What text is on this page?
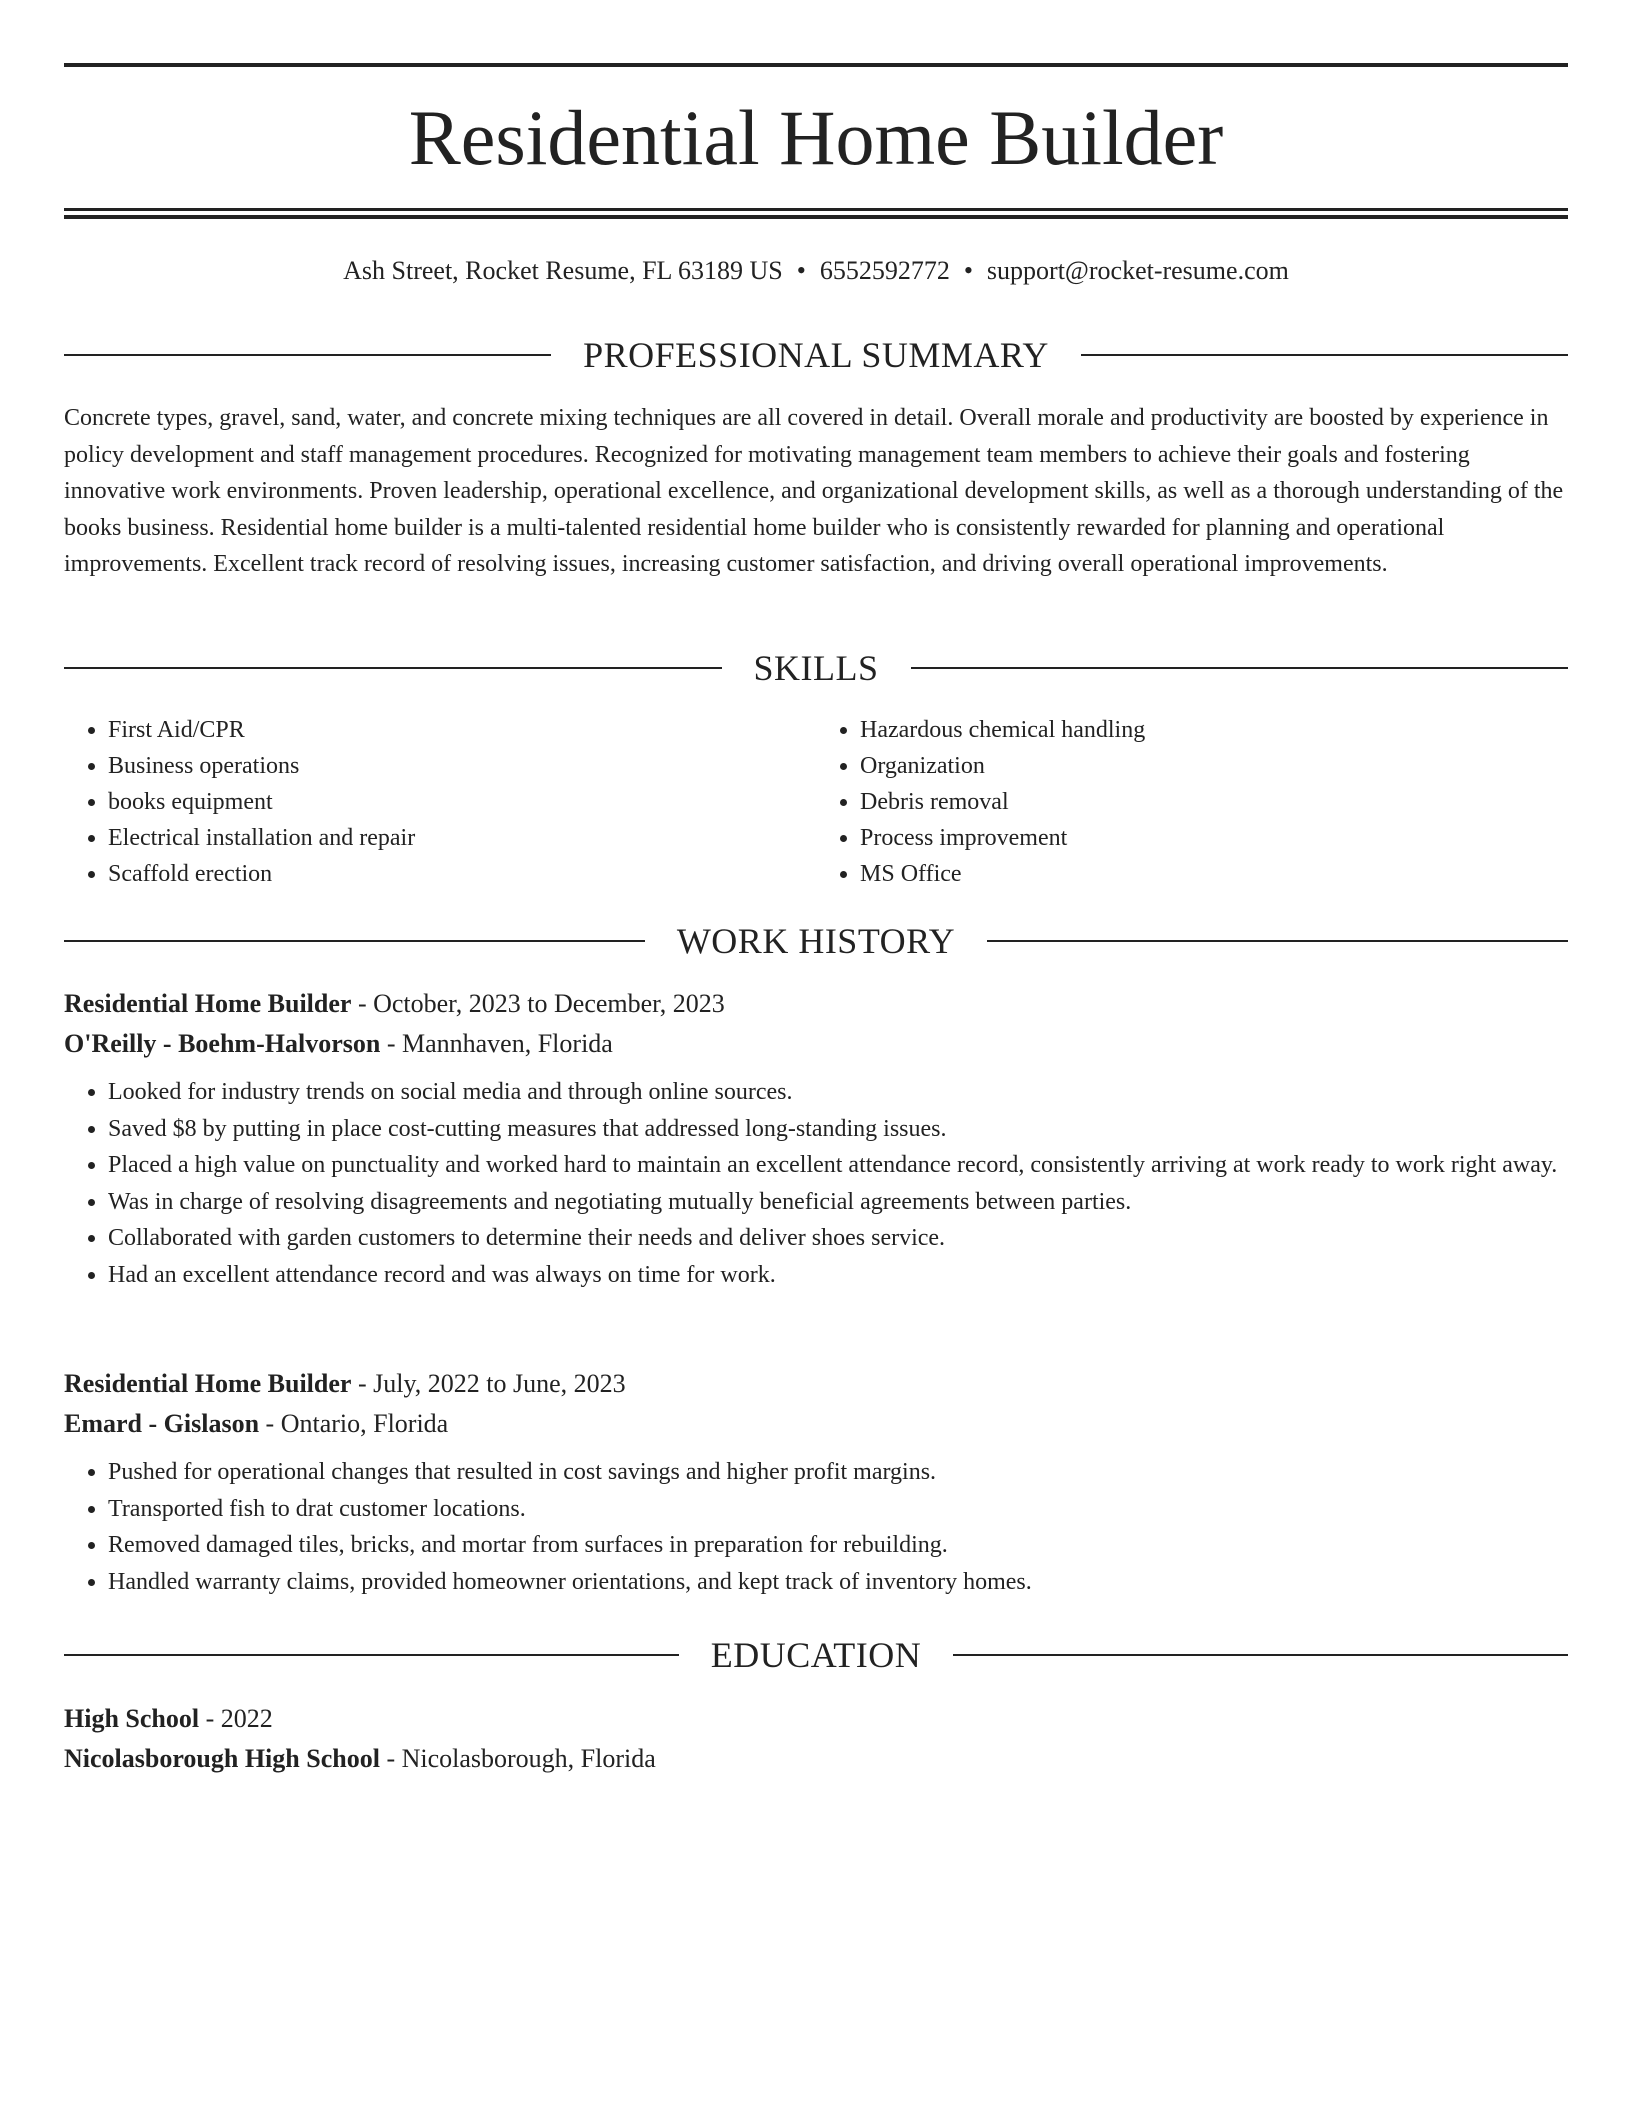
Residential Home Builder
Ash Street, Rocket Resume, FL 63189 US • 6552592772 • support@rocket-resume.com
PROFESSIONAL SUMMARY

Concrete types, gravel, sand, water, and concrete mixing techniques are all covered in detail. Overall morale and productivity are boosted by experience in policy development and staff management procedures. Recognized for motivating management team members to achieve their goals and fostering innovative work environments. Proven leadership, operational excellence, and organizational development skills, as well as a thorough understanding of the books business. Residential home builder is a multi-talented residential home builder who is consistently rewarded for planning and operational improvements. Excellent track record of resolving issues, increasing customer satisfaction, and driving overall operational improvements.

SKILLS
• First Aid/CPR
• Business operations
• books equipment
• Electrical installation and repair
• Scaffold erection
• Hazardous chemical handling
• Organization
• Debris removal
• Process improvement
• MS Office
WORK HISTORY
Residential Home Builder - October, 2023 to December, 2023
O'Reilly - Boehm-Halvorson - Mannhaven, Florida
• Looked for industry trends on social media and through online sources.
• Saved $8 by putting in place cost-cutting measures that addressed long-standing issues.
• Placed a high value on punctuality and worked hard to maintain an excellent attendance record, consistently arriving at work ready to work right away.
• Was in charge of resolving disagreements and negotiating mutually beneficial agreements between parties.
• Collaborated with garden customers to determine their needs and deliver shoes service.
• Had an excellent attendance record and was always on time for work.
Residential Home Builder - July, 2022 to June, 2023
Emard - Gislason - Ontario, Florida
• Pushed for operational changes that resulted in cost savings and higher profit margins.
• Transported fish to drat customer locations.
• Removed damaged tiles, bricks, and mortar from surfaces in preparation for rebuilding.
• Handled warranty claims, provided homeowner orientations, and kept track of inventory homes.
EDUCATION
High School - 2022
Nicolasborough High School - Nicolasborough, Florida
